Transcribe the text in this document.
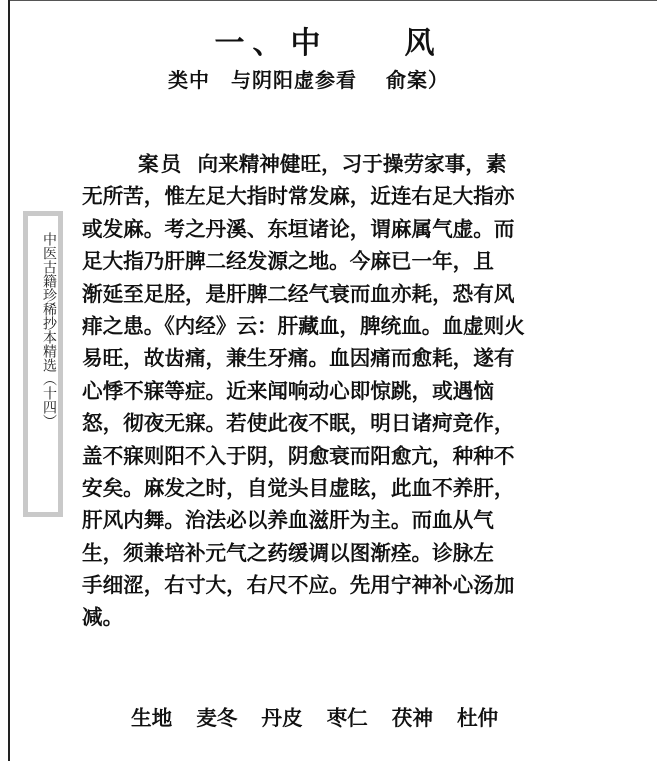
中医古籍珍稀抄本精选（十四）
一、中　　风
类中　与阴阳虚参看　 俞案）
案员 向来精神健旺，习于操劳家事，素
无所苦，惟左足大指时常发麻，近连右足大指亦
或发麻。考之丹溪、东垣诸论，谓麻属气虚。而
足大指乃肝脾二经发源之地。今麻已一年，且
渐延至足胫，是肝脾二经气衰而血亦耗，恐有风
痱之患。《内经》云：肝藏血，脾统血。血虚则火
易旺，故齿痛，兼生牙痛。血因痛而愈耗，遂有
心悸不寐等症。近来闻响动心即惊跳，或遇恼
怒，彻夜无寐。若使此夜不眠，明日诸疴竞作，
盖不寐则阳不入于阴，阴愈衰而阳愈亢，种种不
安矣。麻发之时，自觉头目虚眩，此血不养肝，
肝风内舞。治法必以养血滋肝为主。而血从气
生，须兼培补元气之药缓调以图渐痊。诊脉左
手细涩，右寸大，右尺不应。先用宁神补心汤加
减。
生地 麦冬 丹皮 枣仁 茯神 杜仲
